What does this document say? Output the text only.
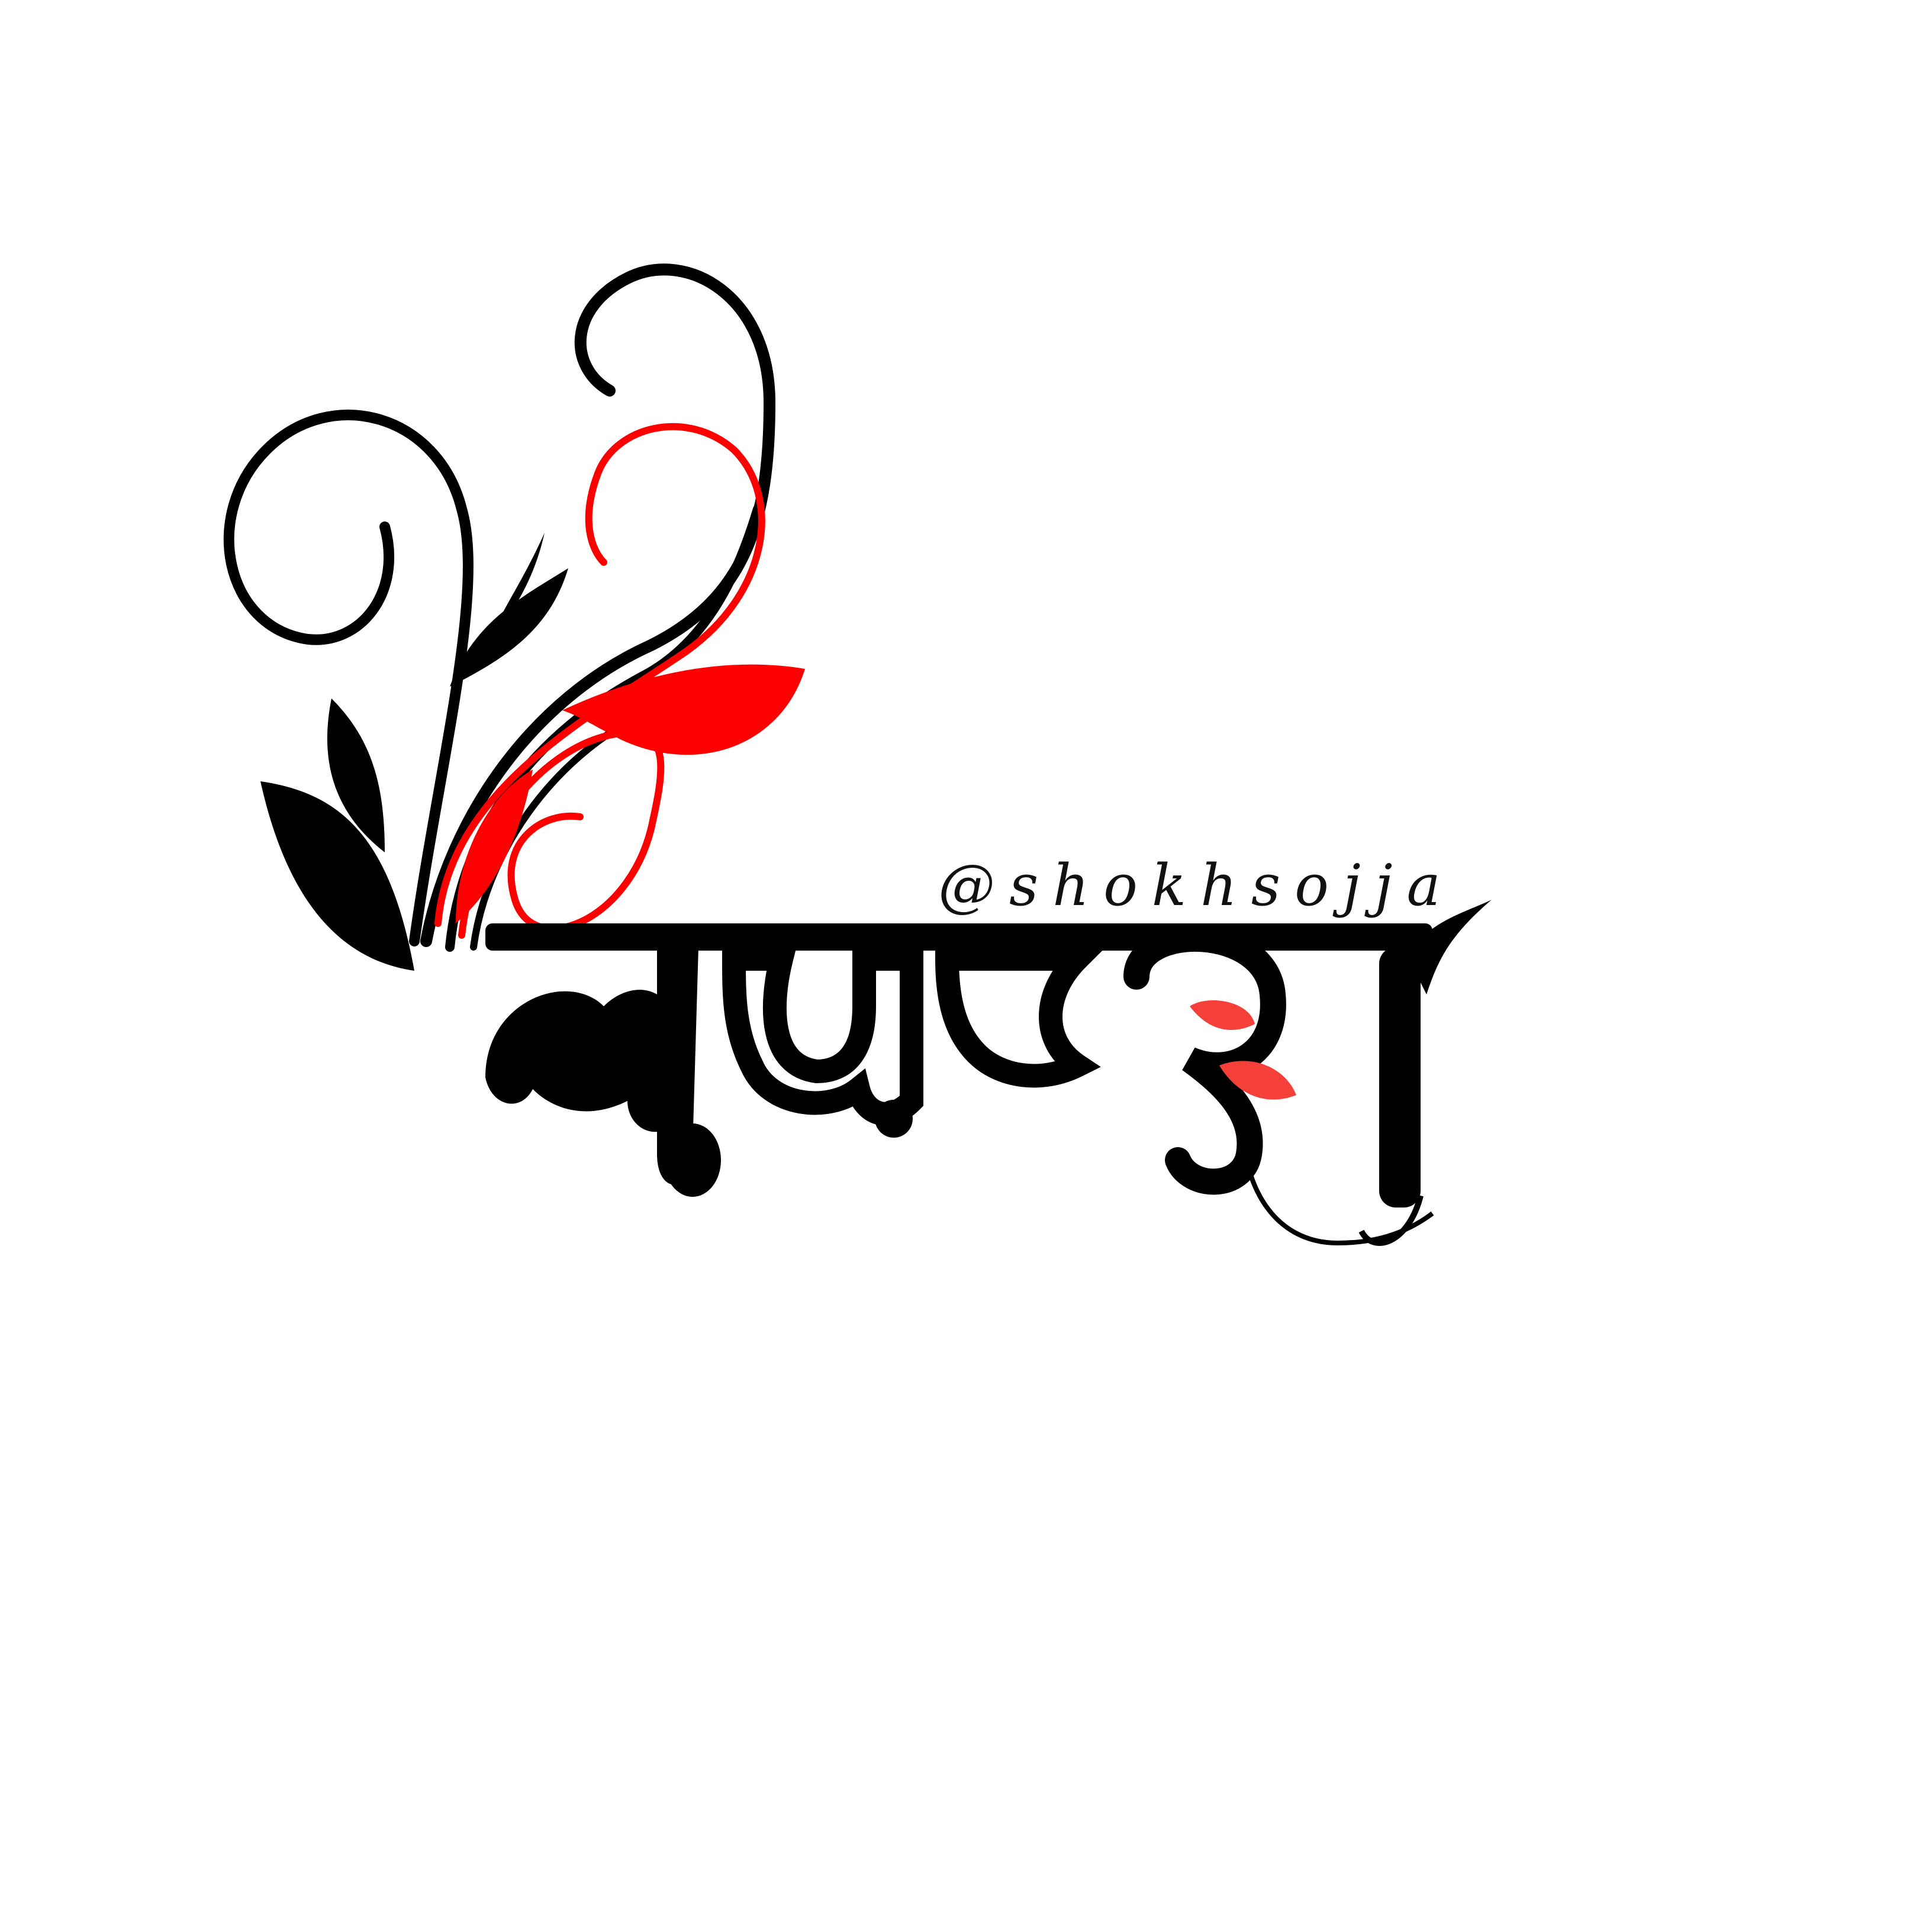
@shokhsojja
